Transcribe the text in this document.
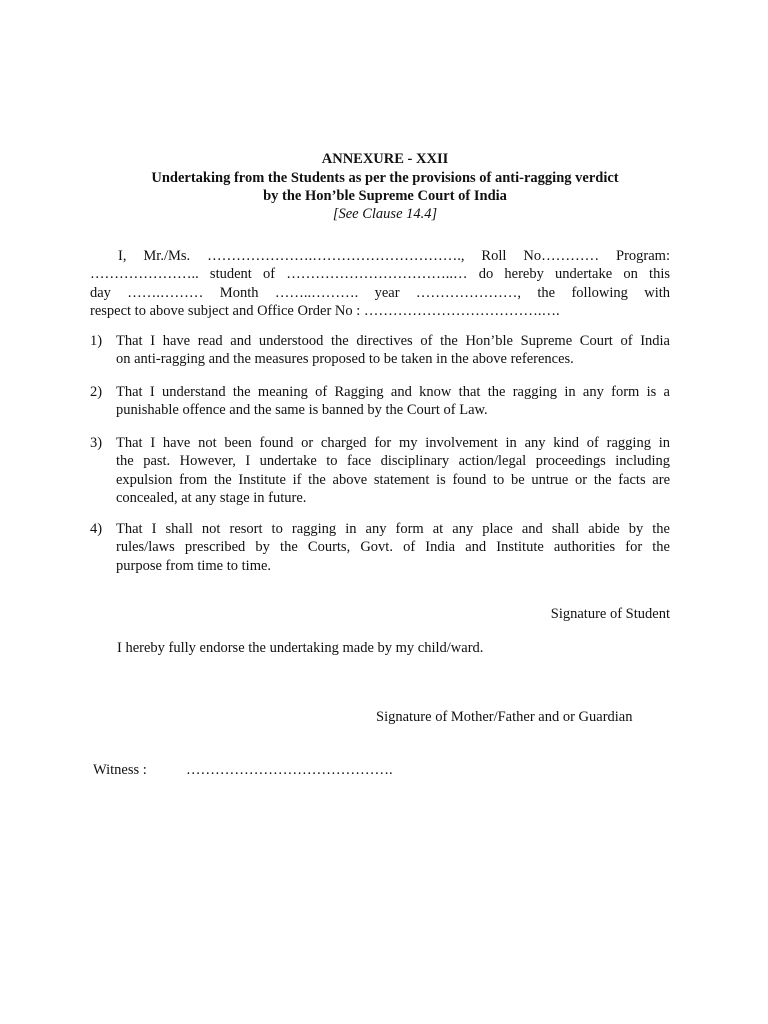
ANNEXURE - XXII
Undertaking from the Students as per the provisions of anti-ragging verdict
by the Hon’ble Supreme Court of India
[See Clause 14.4]
I, Mr./Ms. ………………….…………………………., Roll No………… Program:
………………….. student of ……………………………..… do hereby undertake on this
day …….……… Month ……..………. year …………………, the following with
respect to above subject and Office Order No : ……………………………….….
1) That I have read and understood the directives of the Hon’ble Supreme Court of India
on anti-ragging and the measures proposed to be taken in the above references.
2) That I understand the meaning of Ragging and know that the ragging in any form is a
punishable offence and the same is banned by the Court of Law.
3) That I have not been found or charged for my involvement in any kind of ragging in
the past. However, I undertake to face disciplinary action/legal proceedings including
expulsion from the Institute if the above statement is found to be untrue or the facts are
concealed, at any stage in future.
4) That I shall not resort to ragging in any form at any place and shall abide by the
rules/laws prescribed by the Courts, Govt. of India and Institute authorities for the
purpose from time to time.
Signature of Student
I hereby fully endorse the undertaking made by my child/ward.
Signature of Mother/Father and or Guardian
Witness :	…………………………………….
